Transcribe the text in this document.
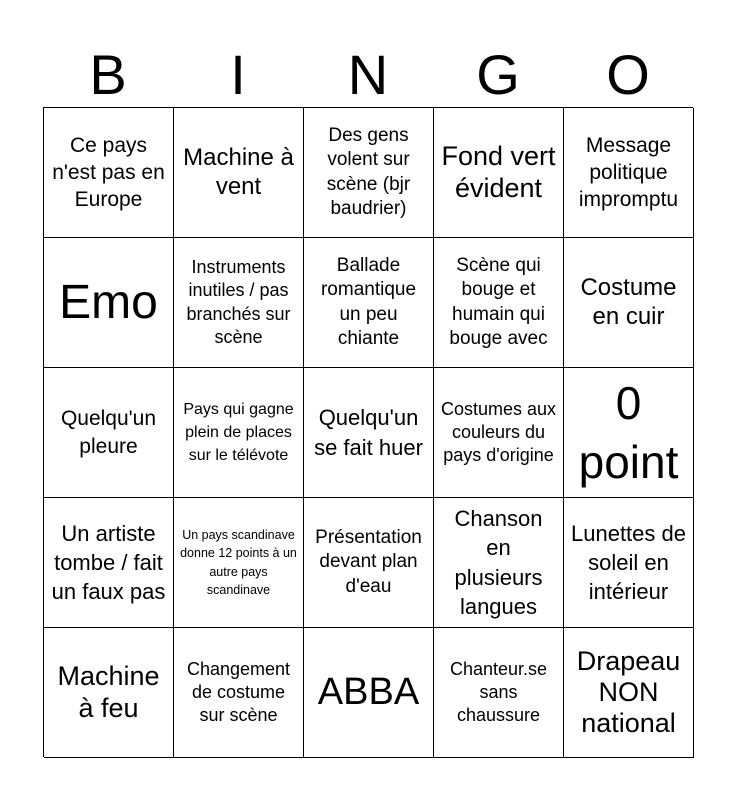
B	I	N	G	O
Ce pays n'est pas en Europe
Machine à vent
Des gens volent sur scène (bjr baudrier)
Fond vert évident
Message politique impromptu
Emo
Instruments inutiles / pas branchés sur scène
Ballade romantique un peu chiante
Scène qui bouge et humain qui bouge avec
Costume en cuir
Quelqu'un pleure
Pays qui gagne plein de places sur le télévote
Quelqu'un se fait huer
Costumes aux couleurs du pays d'origine
0 point
Un artiste tombe / fait un faux pas
Un pays scandinave donne 12 points à un autre pays scandinave
Présentation devant plan d'eau
Chanson en plusieurs langues
Lunettes de soleil en intérieur
Machine à feu
Changement de costume sur scène
ABBA
Chanteur.se sans chaussure
Drapeau NON national
